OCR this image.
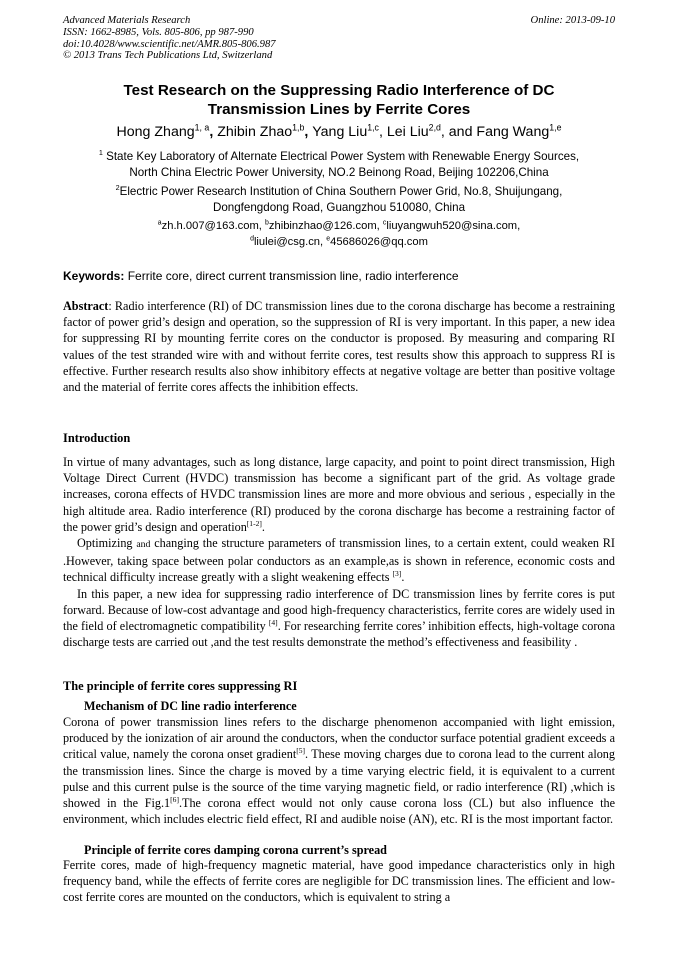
Advanced Materials Research
ISSN: 1662-8985, Vols. 805-806, pp 987-990
doi:10.4028/www.scientific.net/AMR.805-806.987
© 2013 Trans Tech Publications Ltd, Switzerland
Online: 2013-09-10
Test Research on the Suppressing Radio Interference of DC
Transmission Lines by Ferrite Cores
Hong Zhang$^{1, a}$, Zhibin Zhao$^{1,b}$, Yang Liu$^{1,c}$, Lei Liu$^{2,d}$, and Fang Wang$^{1,e}$
$^1$ State Key Laboratory of Alternate Electrical Power System with Renewable Energy Sources,
North China Electric Power University, NO.2 Beinong Road, Beijing 102206,China
$^2$Electric Power Research Institution of China Southern Power Grid, No.8, Shuijungang,
Dongfengdong Road, Guangzhou 510080, China
$^a$zh.h.007@163.com, $^b$zhibinzhao@126.com, $^c$liuyangwuh520@sina.com,
$^d$liulei@csg.cn, $^e$45686026@qq.com
Keywords: Ferrite core, direct current transmission line, radio interference
Abstract: Radio interference (RI) of DC transmission lines due to the corona discharge has become a restraining factor of power grid’s design and operation, so the suppression of RI is very important. In this paper, a new idea for suppressing RI by mounting ferrite cores on the conductor is proposed. By measuring and comparing RI values of the test stranded wire with and without ferrite cores, test results show this approach to suppress RI is effective. Further research results also show inhibitory effects at negative voltage are better than positive voltage and the material of ferrite cores affects the inhibition effects.
Introduction

In virtue of many advantages, such as long distance, large capacity, and point to point direct transmission, High Voltage Direct Current (HVDC) transmission has become a significant part of the grid. As voltage grade increases, corona effects of HVDC transmission lines are more and more obvious and serious , especially in the high altitude area. Radio interference (RI) produced by the corona discharge has become a restraining factor of the power grid’s design and operation[1-2].

Optimizing and changing the structure parameters of transmission lines, to a certain extent, could weaken RI .However, taking space between polar conductors as an example,as is shown in reference, economic costs and technical difficulty increase greatly with a slight weakening effects [3].

In this paper, a new idea for suppressing radio interference of DC transmission lines by ferrite cores is put forward. Because of low-cost advantage and good high-frequency characteristics, ferrite cores are widely used in the field of electromagnetic compatibility [4]. For researching ferrite cores’ inhibition effects, high-voltage corona discharge tests are carried out ,and the test results demonstrate the method’s effectiveness and feasibility .

The principle of ferrite cores suppressing RI
Mechanism of DC line radio interference

Corona of power transmission lines refers to the discharge phenomenon accompanied with light emission, produced by the ionization of air around the conductors, when the conductor surface potential gradient exceeds a critical value, namely the corona onset gradient[5]. These moving charges due to corona lead to the current along the transmission lines. Since the charge is moved by a time varying electric field, it is equivalent to a current pulse and this current pulse is the source of the time varying magnetic field, or radio interference (RI) ,which is showed in the Fig.1[6].The corona effect would not only cause corona loss (CL) but also influence the environment, which includes electric field effect, RI and audible noise (AN), etc. RI is the most important factor.

Principle of ferrite cores damping corona current’s spread

Ferrite cores, made of high-frequency magnetic material, have good impedance characteristics only in high frequency band, while the effects of ferrite cores are negligible for DC transmission lines. The efficient and low-cost ferrite cores are mounted on the conductors, which is equivalent to string a
